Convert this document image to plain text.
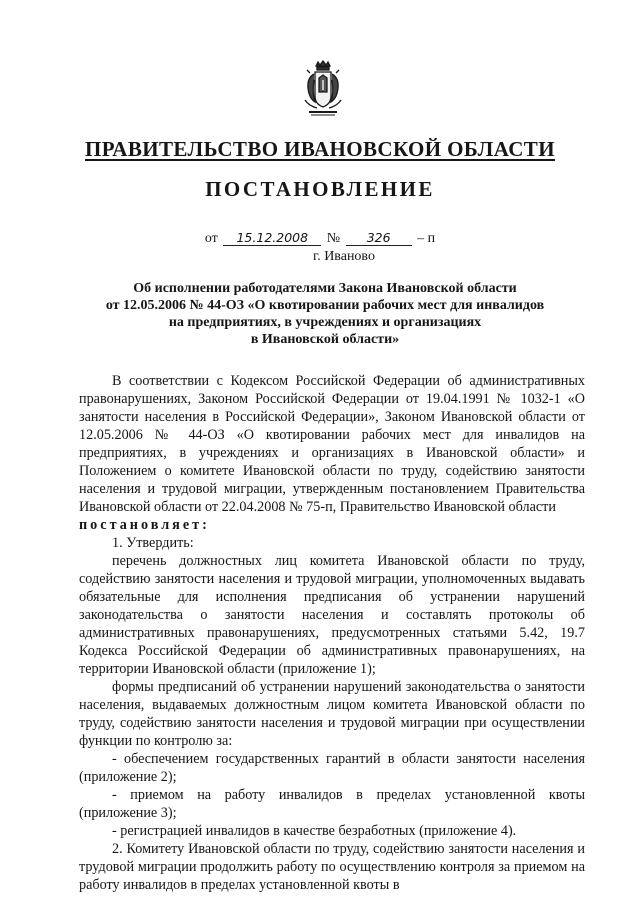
ПРАВИТЕЛЬСТВО ИВАНОВСКОЙ ОБЛАСТИ
ПОСТАНОВЛЕНИЕ
от 15.12.2008 № 326 – п
г. Иваново
Об исполнении работодателями Закона Ивановской области
от 12.05.2006 № 44-ОЗ «О квотировании рабочих мест для инвалидов
на предприятиях, в учреждениях и организациях
в Ивановской области»

В соответствии с Кодексом Российской Федерации об административных правонарушениях, Законом Российской Федерации от 19.04.1991 № 1032-1 «О занятости населения в Российской Федерации», Законом Ивановской области от 12.05.2006 № 44-ОЗ «О квотировании рабочих мест для инвалидов на предприятиях, в учреждениях и организациях в Ивановской области» и Положением о комитете Ивановской области по труду, содействию занятости населения и трудовой миграции, утвержденным постановлением Правительства Ивановской области от 22.04.2008 № 75-п, Правительство Ивановской области

постановляет:

1. Утвердить:

перечень должностных лиц комитета Ивановской области по труду, содействию занятости населения и трудовой миграции, уполномоченных выдавать обязательные для исполнения предписания об устранении нарушений законодательства о занятости населения и составлять протоколы об административных правонарушениях, предусмотренных статьями 5.42, 19.7 Кодекса Российской Федерации об административных правонарушениях, на территории Ивановской области (приложение 1);

формы предписаний об устранении нарушений законодательства о занятости населения, выдаваемых должностным лицом комитета Ивановской области по труду, содействию занятости населения и трудовой миграции при осуществлении функции по контролю за:

- обеспечением государственных гарантий в области занятости населения (приложение 2);

- приемом на работу инвалидов в пределах установленной квоты (приложение 3);

- регистрацией инвалидов в качестве безработных (приложение 4).

2. Комитету Ивановской области по труду, содействию занятости населения и трудовой миграции продолжить работу по осуществлению контроля за приемом на работу инвалидов в пределах установленной квоты в
